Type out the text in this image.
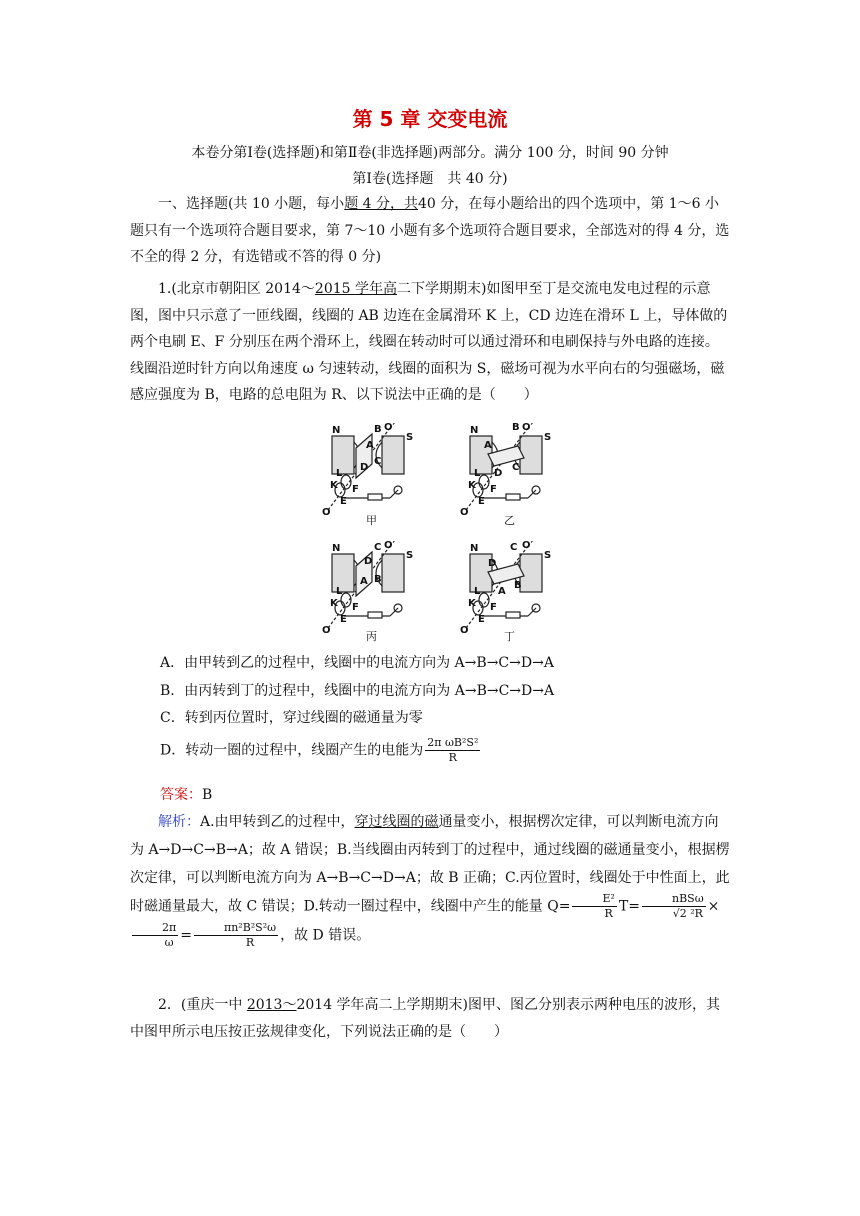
第 5 章 交变电流
本卷分第Ⅰ卷(选择题)和第Ⅱ卷(非选择题)两部分。满分 100 分，时间 90 分钟
第Ⅰ卷(选择题　共 40 分)
一、选择题(共 10 小题，每小题 4 分，共40 分，在每小题给出的四个选项中，第 1～6 小题只有一个选项符合题目要求，第 7～10 小题有多个选项符合题目要求，全部选对的得 4 分，选不全的得 2 分，有选错或不答的得 0 分)
1.(北京市朝阳区 2014～2015 学年高二下学期期末)如图甲至丁是交流电发电过程的示意图，图中只示意了一匝线圈，线圈的 AB 边连在金属滑环 K 上，CD 边连在滑环 L 上，导体做的两个电刷 E、F 分别压在两个滑环上，线圈在转动时可以通过滑环和电刷保持与外电路的连接。线圈沿逆时针方向以角速度 ω 匀速转动，线圈的面积为 S，磁场可视为水平向右的匀强磁场，磁感应强度为 B，电路的总电阻为 R、以下说法中正确的是（　　）
N
S
A
B
C
D
O′
O
K
L
E
F
N
S
A
B
C
D
O′
O
K
L
E
F
N
S
A B
C
D
O′
O
K
L
E
F
N
S
A
B
C
D
O′
O
K
L
E
F
甲	乙
丙	丁
A．由甲转到乙的过程中，线圈中的电流方向为 A→B→C→D→A
B．由丙转到丁的过程中，线圈中的电流方向为 A→B→C→D→A
C．转到丙位置时，穿过线圈的磁通量为零
D．转动一圈的过程中，线圈产生的电能为 $\frac{\text{2π ωB²S²}}{R}$
答案：B
解析：A.由甲转到乙的过程中，穿过线圈的磁通量变小，根据楞次定律，可以判断电流方向为 A→D→C→B→A；故 A 错误；B.当线圈由丙转到丁的过程中，通过线圈的磁通量变小，根据楞次定律，可以判断电流方向为 A→B→C→D→A；故 B 正确；C.丙位置时，线圈处于中性面上，此时磁通量最大，故 C 错误；D.转动一圈过程中，线圈中产生的能量 $Q= \frac{\text{E²}}{R} T= \frac{\text{nBSω}}{\text{√2 ²R}}$ ×
$\frac{2\pi}{\omega} = \frac{\text{πn²B²S²ω}}{R}$ ，故 D 错误。
2．(重庆一中 2013～2014 学年高二上学期期末)图甲、图乙分别表示两种电压的波形，其中图甲所示电压按正弦规律变化，下列说法正确的是（　　）
